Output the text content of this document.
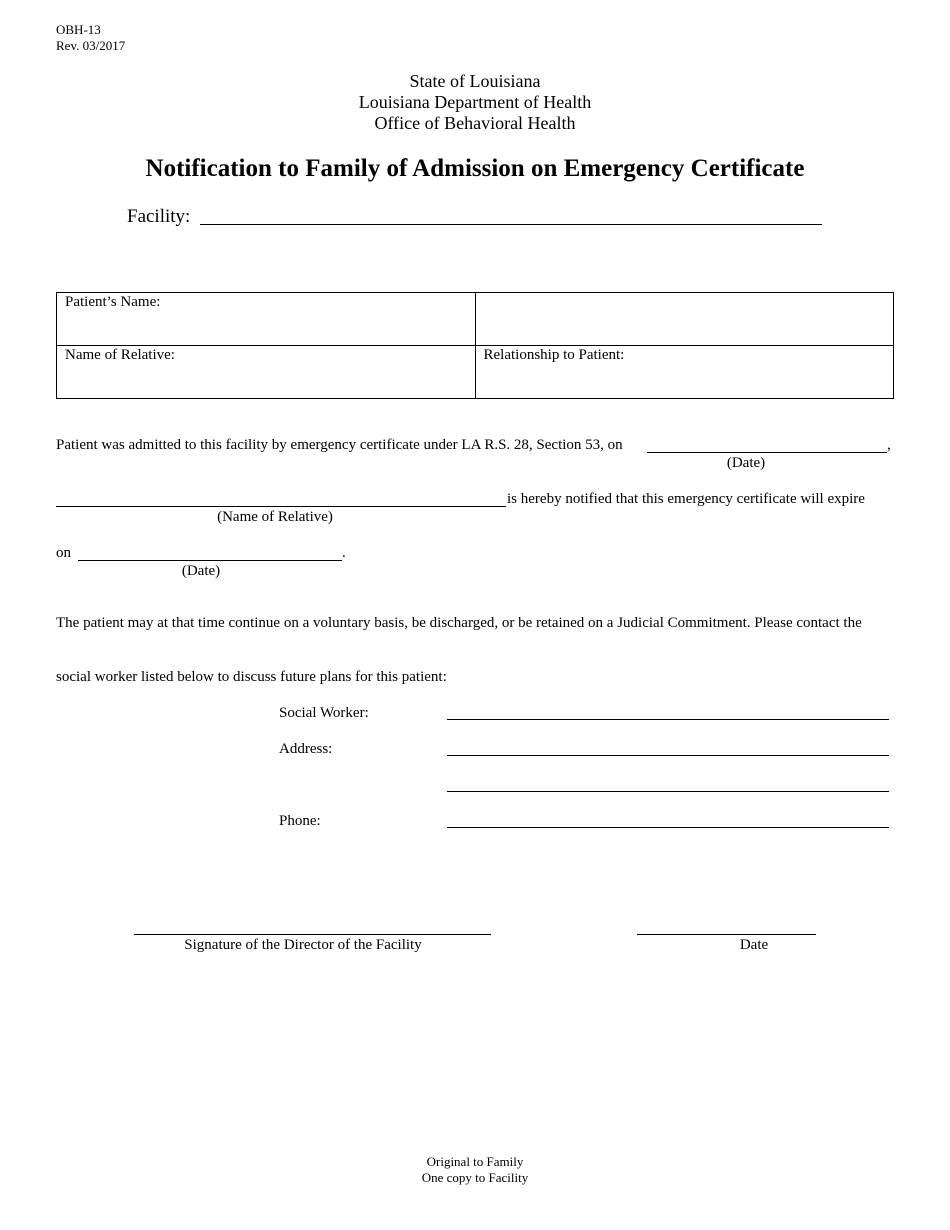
OBH-13
Rev. 03/2017
State of Louisiana
Louisiana Department of Health
Office of Behavioral Health
Notification to Family of Admission on Emergency Certificate
Facility:
Patient’s Name:	
Name of Relative:	Relationship to Patient:
Patient was admitted to this facility by emergency certificate under LA R.S. 28, Section 53, on	,
(Date)
is hereby notified that this emergency certificate will expire
(Name of Relative)
on	.
(Date)
The patient may at that time continue on a voluntary basis, be discharged, or be retained on a Judicial Commitment. Please contact the
social worker listed below to discuss future plans for this patient:
Social Worker:
Address:
Phone:
Signature of the Director of the Facility	Date
Original to Family
One copy to Facility
